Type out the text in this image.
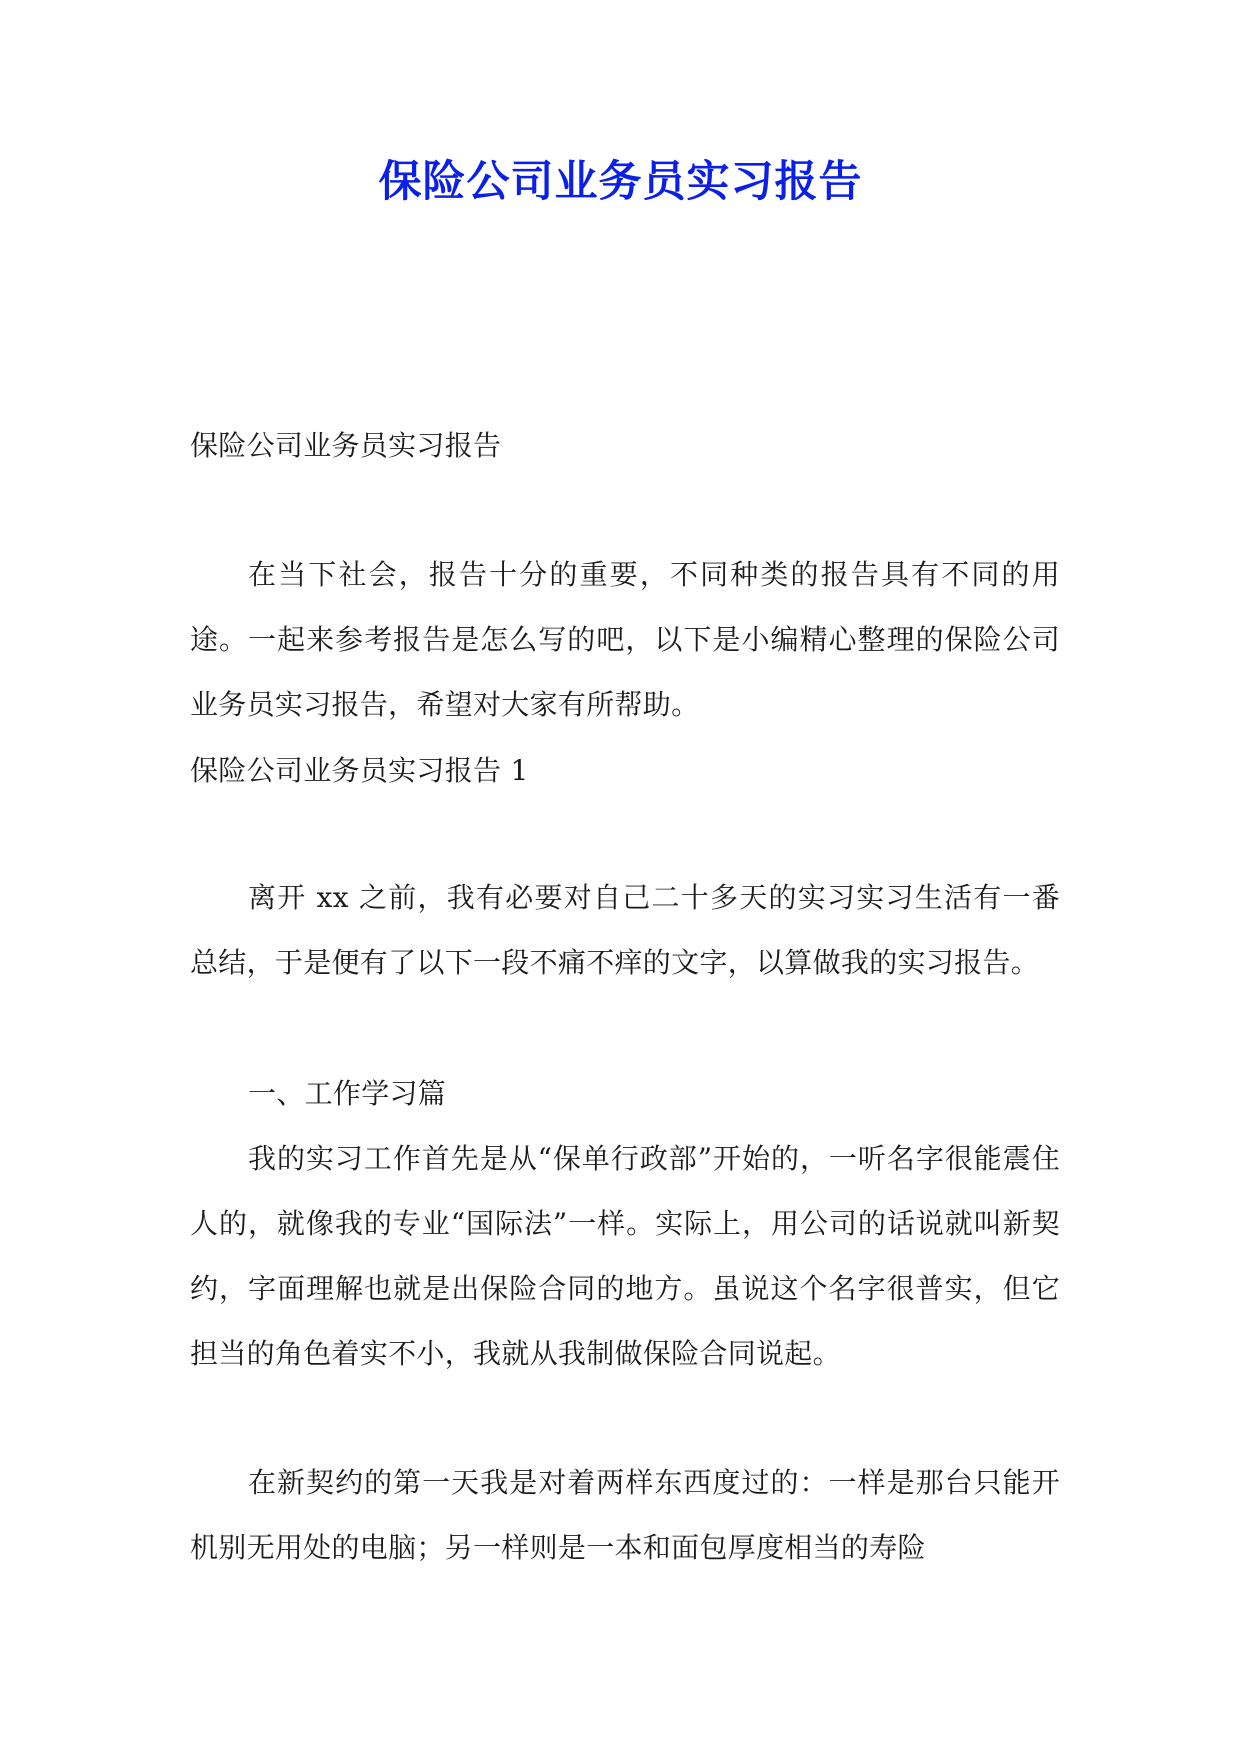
保险公司业务员实习报告

保险公司业务员实习报告

在当下社会，报告十分的重要，不同种类的报告具有不同的用途。一起来参考报告是怎么写的吧，以下是小编精心整理的保险公司业务员实习报告，希望对大家有所帮助。

保险公司业务员实习报告 1

离开 xx 之前，我有必要对自己二十多天的实习实习生活有一番总结，于是便有了以下一段不痛不痒的文字，以算做我的实习报告。

一、工作学习篇

我的实习工作首先是从“保单行政部”开始的，一听名字很能震住人的，就像我的专业“国际法”一样。实际上，用公司的话说就叫新契约，字面理解也就是出保险合同的地方。虽说这个名字很普实，但它担当的角色着实不小，我就从我制做保险合同说起。

在新契约的第一天我是对着两样东西度过的：一样是那台只能开机别无用处的电脑；另一样则是一本和面包厚度相当的寿险
